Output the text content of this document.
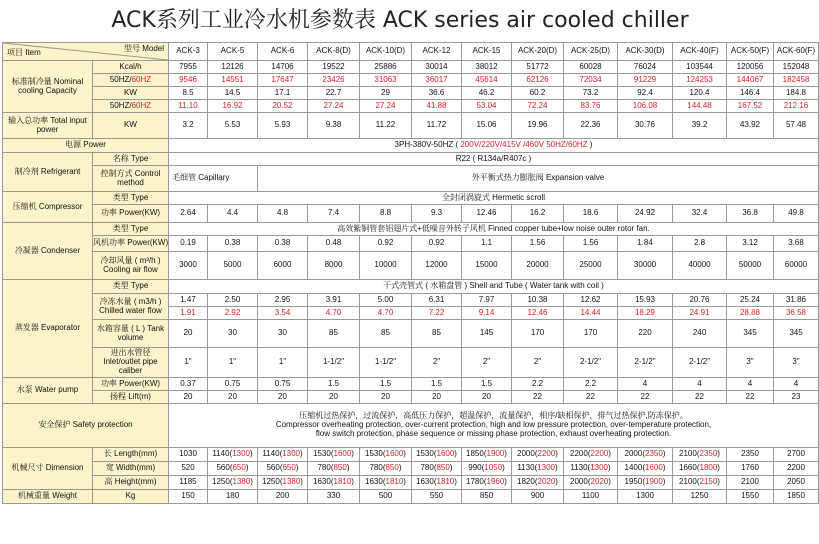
ACK系列工业冷水机参数表 ACK series air cooled chiller
型号 Model
项目 Item		ACK-3	ACK-5	ACK-6	ACK-8(D)	ACK-10(D)	ACK-12	ACK-15	ACK-20(D)	ACK-25(D)	ACK-30(D)	ACK-40(F)	ACK-50(F)	ACK-60(F)
标准制冷量 Nominal cooling Capacity	Kcal/h	7955	12126	14706	19522	25886	30014	38012	51772	60028	76024	103544	120056	152048
	50HZ/60HZ	9546	14551	17647	23426	31063	36017	45614	62126	72034	91229	124253	144067	182458
	KW	8.5	14.5	17.1	22.7	29	36.6	46.2	60.2	73.2	92.4	120.4	146.4	184.8
	50HZ/60HZ	11.10	16.92	20.52	27.24	27.24	41.88	53.04	72.24	83.76	106.08	144.48	167.52	212.16
输入总功率 Total input power	KW	3.2	5.53	5.93	9.38	11.22	11.72	15.06	19.96	22.36	30.76	39.2	43.92	57.48
电源 Power		3PH-380V-50HZ ( 200V/220V/415V /460V 50HZ/60HZ )												
制冷剂 Refrigerant	名称 Type	R22 ( R134a/R407c )												
	控制方式 Control method	毛细管 Capillary		外平衡式热力膨胀阀 Expansion valve										
压缩机 Compressor	类型 Type	全封闭涡旋式 Hermetic scroll												
	功率 Power(KW)	2.64	4.4	4.8	7.4	8.8	9.3	12.46	16.2	18.6	24.92	32.4	36.8	49.8
冷凝器 Condenser	类型 Type	高效紫铜管套铝翅片式+低噪音外转子风机 Finned copper tube+low noise outer rotor fan.												
	风机功率 Power(KW)	0.19	0.38	0.38	0.48	0.92	0.92	1.1	1.56	1.56	1.84	2.8	3.12	3.68
	冷却风量 ( m³/h ) Cooling air flow	3000	5000	6000	8000	10000	12000	15000	20000	25000	30000	40000	50000	60000
蒸发器 Evaporator	类型 Type	干式壳管式 ( 水箱盘管 ) Shell and Tube ( Water tank with coil )												
	冷冻水量 ( m3/h ) Chilled water flow	1.47	2.50	2.95	3.91	5.00	6.31	7.97	10.38	12.62	15.93	20.76	25.24	31.86
		1.91	2.92	3.54	4.70	4.70	7.22	9.14	12.46	14.44	18.29	24.91	28.88	36.58
	水箱容量 ( L ) Tank volume	20	30	30	85	85	85	145	170	170	220	240	345	345
	进出水管径 Inlet/outlet pipe caliber	1"	1"	1"	1-1/2"	1-1/2"	2"	2"	2"	2-1/2"	2-1/2"	2-1/2"	3"	3"
水泵 Water pump	功率 Power(KW)	0.37	0.75	0.75	1.5	1.5	1.5	1.5	2.2	2.2	4	4	4	4
	扬程 Lift(m)	20	20	20	20	20	20	20	22	22	22	22	22	23
安全保护 Safety protection		压缩机过热保护，过流保护，高低压力保护，超温保护，流量保护，相序/缺相保护，排气过热保护,防冻保护。
Compressor overheating protection, over-current protection, high and low pressure protection, over-temperature protection,
flow switch protection, phase sequence or missing phase protection, exhaust overheating protection.												
机械尺寸 Dimension	长 Length(mm)	1030	1140(1300)	1140(1300)	1530(1600)	1530(1600)	1530(1600)	1850(1900)	2000(2200)	2200(2200)	2000(2350)	2100(2350)	2350	2700
	宽 Width(mm)	520	560(650)	560(650)	780(850)	780(850)	780(850)	990(1050)	1130(1300)	1130(1300)	1400(1600)	1660(1800)	1760	2200
	高 Height(mm)	1185	1250(1380)	1250(1380)	1630(1810)	1630(1810)	1630(1810)	1780(1960)	1820(2020)	2000(2020)	1950(1900)	2100(2150)	2100	2050
机械重量 Weight	Kg	150	180	200	330	500	550	850	900	1100	1300	1250	1550	1850
